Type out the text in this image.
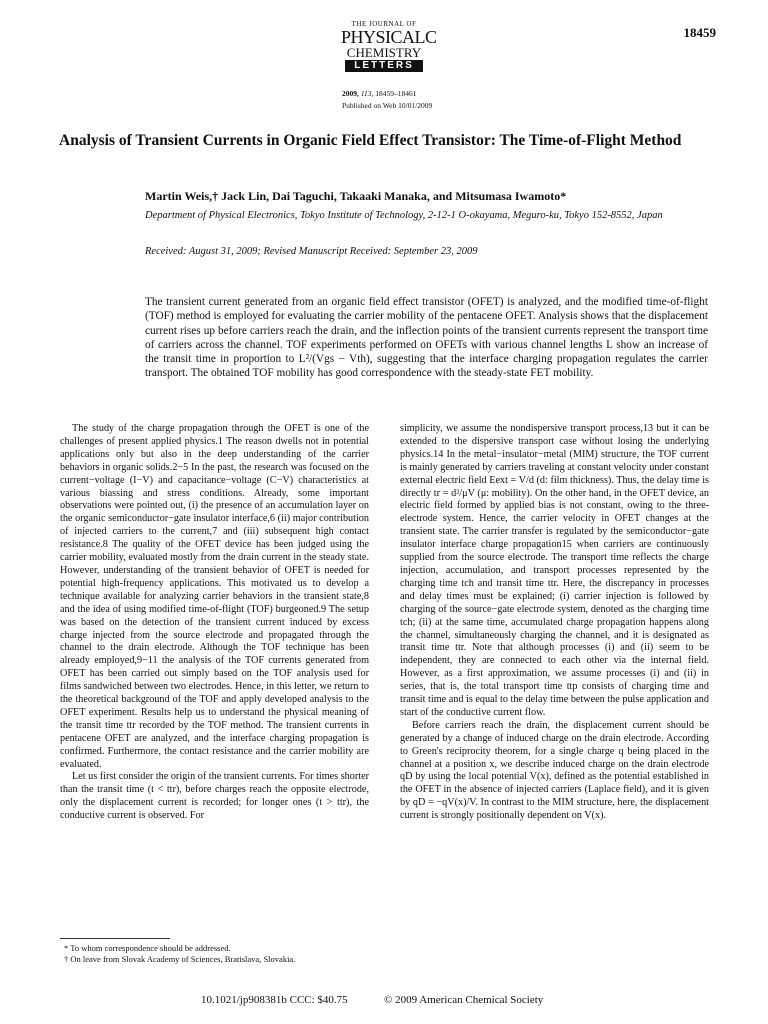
18459
THE JOURNAL OF
PHYSICALC
CHEMISTRY
LETTERS
2009, 113, 18459–18461
Published on Web 10/01/2009
Analysis of Transient Currents in Organic Field Effect Transistor: The Time-of-Flight Method
Martin Weis,† Jack Lin, Dai Taguchi, Takaaki Manaka, and Mitsumasa Iwamoto*
Department of Physical Electronics, Tokyo Institute of Technology, 2-12-1 O-okayama, Meguro-ku, Tokyo 152-8552, Japan
Received: August 31, 2009; Revised Manuscript Received: September 23, 2009

The transient current generated from an organic field effect transistor (OFET) is analyzed, and the modified time-of-flight (TOF) method is employed for evaluating the carrier mobility of the pentacene OFET. Analysis shows that the displacement current rises up before carriers reach the drain, and the inflection points of the transient currents represent the transport time of carriers across the channel. TOF experiments performed on OFETs with various channel lengths L show an increase of the transit time in proportion to L²/(Vgs − Vth), suggesting that the interface charging propagation regulates the carrier transport. The obtained TOF mobility has good correspondence with the steady-state FET mobility.

The study of the charge propagation through the OFET is one of the challenges of present applied physics.1 The reason dwells not in potential applications only but also in the deep understanding of the carrier behaviors in organic solids.2−5 In the past, the research was focused on the current−voltage (I−V) and capacitance−voltage (C−V) characteristics at various biassing and stress conditions. Already, some important observations were pointed out, (i) the presence of an accumulation layer on the organic semiconductor−gate insulator interface,6 (ii) major contribution of injected carriers to the current,7 and (iii) subsequent high contact resistance.8 The quality of the OFET device has been judged using the carrier mobility, evaluated mostly from the drain current in the steady state. However, understanding of the transient behavior of OFET is needed for potential high-frequency applications. This motivated us to develop a technique available for analyzing carrier behaviors in the transient state,8 and the idea of using modified time-of-flight (TOF) burgeoned.9 The setup was based on the detection of the transient current induced by excess charge injected from the source electrode and propagated through the channel to the drain electrode. Although the TOF technique has been already employed,9−11 the analysis of the TOF currents generated from OFET has been carried out simply based on the TOF analysis used for films sandwiched between two electrodes. Hence, in this letter, we return to the theoretical background of the TOF and apply developed analysis to the OFET experiment. Results help us to understand the physical meaning of the transit time ttr recorded by the TOF method. The transient currents in pentacene OFET are analyzed, and the interface charging propagation is confirmed. Furthermore, the contact resistance and the carrier mobility are evaluated.

Let us first consider the origin of the transient currents. For times shorter than the transit time (t < ttr), before charges reach the opposite electrode, only the displacement current is recorded; for longer ones (t > ttr), the conductive current is observed. For

simplicity, we assume the nondispersive transport process,13 but it can be extended to the dispersive transport case without losing the underlying physics.14 In the metal−insulator−metal (MIM) structure, the TOF current is mainly generated by carriers traveling at constant velocity under constant external electric field Eext = V/d (d: film thickness). Thus, the delay time is directly tr = d²/μV (μ: mobility). On the other hand, in the OFET device, an electric field formed by applied bias is not constant, owing to the three-electrode system. Hence, the carrier velocity in OFET changes at the transient state. The carrier transfer is regulated by the semiconductor−gate insulator interface charge propagation15 when carriers are continuously supplied from the source electrode. The transport time reflects the charge injection, accumulation, and transport processes represented by the charging time tch and transit time ttr. Here, the discrepancy in processes and delay times must be explained; (i) carrier injection is followed by charging of the source−gate electrode system, denoted as the charging time tch; (ii) at the same time, accumulated charge propagation happens along the channel, simultaneously charging the channel, and it is designated as transit time ttr. Note that although processes (i) and (ii) seem to be independent, they are connected to each other via the internal field. However, as a first approximation, we assume processes (i) and (ii) in series, that is, the total transport time ttp consists of charging time and transit time and is equal to the delay time between the pulse application and start of the conductive current flow.

Before carriers reach the drain, the displacement current should be generated by a change of induced charge on the drain electrode. According to Green's reciprocity theorem, for a single charge q being placed in the channel at a position x, we describe induced charge on the drain electrode qD by using the local potential V(x), defined as the potential established in the OFET in the absence of injected carriers (Laplace field), and it is given by qD = −qV(x)/V. In contrast to the MIM structure, here, the displacement current is strongly positionally dependent on V(x).

* To whom correspondence should be addressed.
† On leave from Slovak Academy of Sciences, Bratislava, Slovakia.
10.1021/jp908381b CCC: $40.75	© 2009 American Chemical Society
